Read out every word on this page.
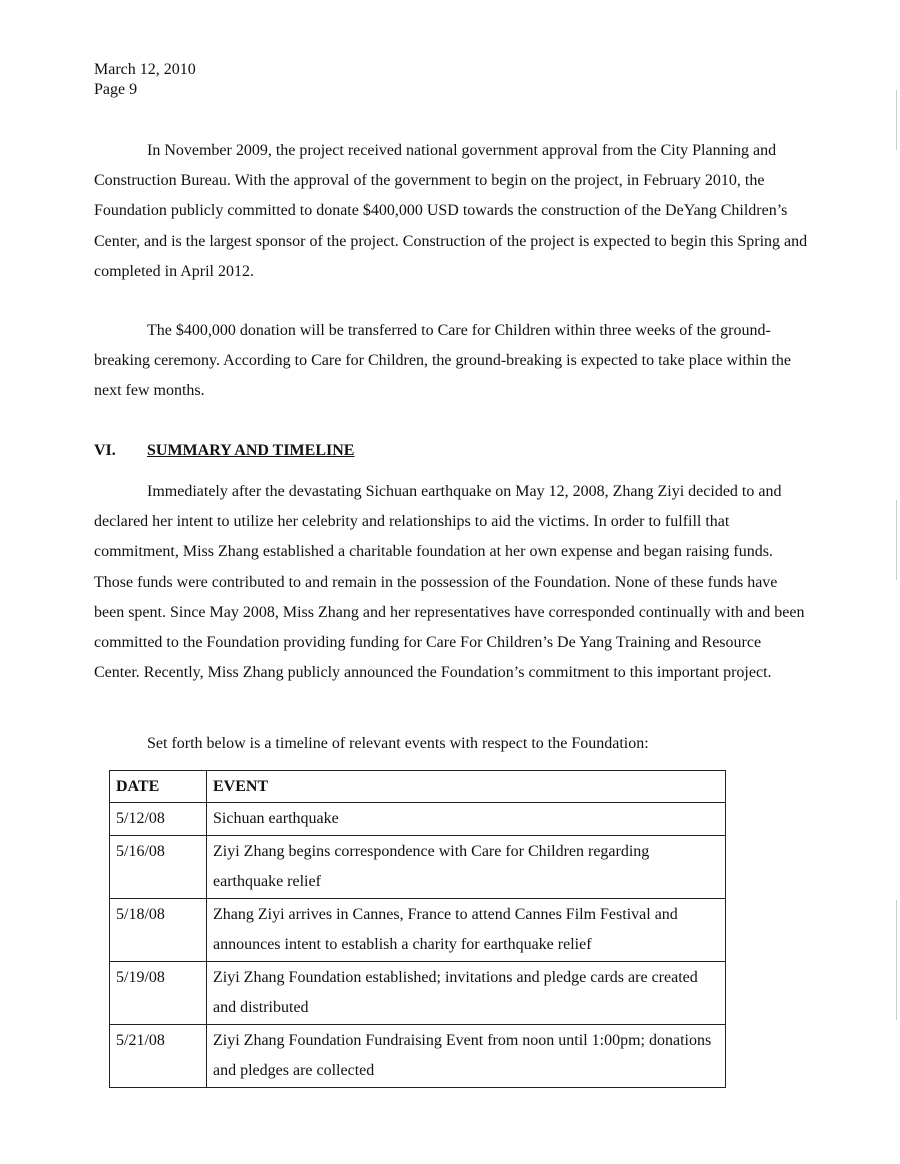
March 12, 2010
Page 9

In November 2009, the project received national government approval from the City Planning and Construction Bureau. With the approval of the government to begin on the project, in February 2010, the Foundation publicly committed to donate $400,000 USD towards the construction of the DeYang Children’s Center, and is the largest sponsor of the project. Construction of the project is expected to begin this Spring and completed in April 2012.

The $400,000 donation will be transferred to Care for Children within three weeks of the ground-breaking ceremony. According to Care for Children, the ground-breaking is expected to take place within the next few months.

VI. SUMMARY AND TIMELINE

Immediately after the devastating Sichuan earthquake on May 12, 2008, Zhang Ziyi decided to and declared her intent to utilize her celebrity and relationships to aid the victims. In order to fulfill that commitment, Miss Zhang established a charitable foundation at her own expense and began raising funds. Those funds were contributed to and remain in the possession of the Foundation. None of these funds have been spent. Since May 2008, Miss Zhang and her representatives have corresponded continually with and been committed to the Foundation providing funding for Care For Children’s De Yang Training and Resource Center. Recently, Miss Zhang publicly announced the Foundation’s commitment to this important project.

Set forth below is a timeline of relevant events with respect to the Foundation:
DATE	EVENT
5/12/08	Sichuan earthquake
5/16/08	Ziyi Zhang begins correspondence with Care for Children regarding earthquake relief
5/18/08	Zhang Ziyi arrives in Cannes, France to attend Cannes Film Festival and announces intent to establish a charity for earthquake relief
5/19/08	Ziyi Zhang Foundation established; invitations and pledge cards are created and distributed
5/21/08	Ziyi Zhang Foundation Fundraising Event from noon until 1:00pm; donations and pledges are collected
